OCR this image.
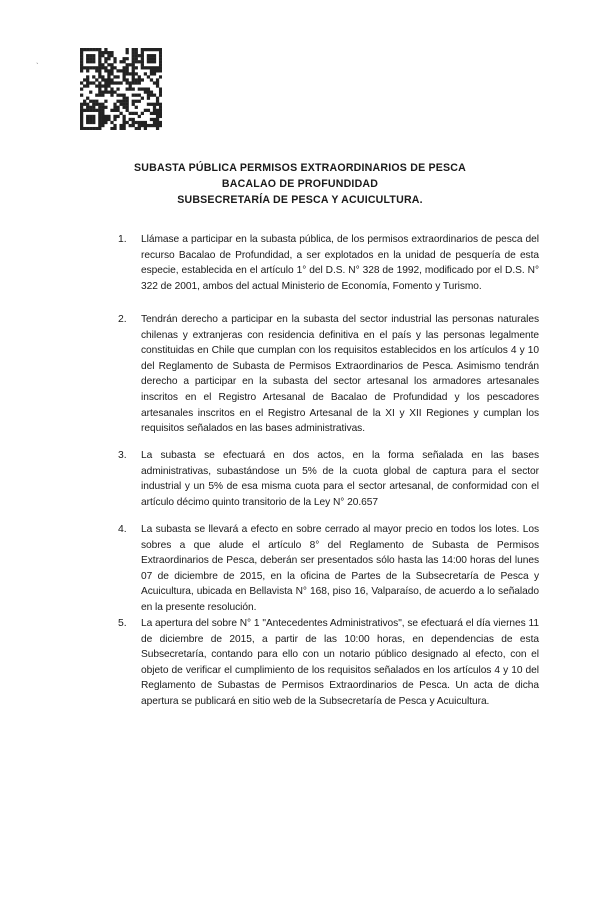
`
SUBASTA PÚBLICA PERMISOS EXTRAORDINARIOS DE PESCA
BACALAO DE PROFUNDIDAD
SUBSECRETARÍA DE PESCA Y ACUICULTURA.
1. Llámase a participar en la subasta pública, de los permisos extraordinarios de pesca del recurso Bacalao de Profundidad, a ser explotados en la unidad de pesquería de esta especie, establecida en el artículo 1° del D.S. N° 328 de 1992, modificado por el D.S. N° 322 de 2001, ambos del actual Ministerio de Economía, Fomento y Turismo.
2. Tendrán derecho a participar en la subasta del sector industrial las personas naturales chilenas y extranjeras con residencia definitiva en el país y las personas legalmente constituidas en Chile que cumplan con los requisitos establecidos en los artículos 4 y 10 del Reglamento de Subasta de Permisos Extraordinarios de Pesca. Asimismo tendrán derecho a participar en la subasta del sector artesanal los armadores artesanales inscritos en el Registro Artesanal de Bacalao de Profundidad y los pescadores artesanales inscritos en el Registro Artesanal de la XI y XII Regiones y cumplan los requisitos señalados en las bases administrativas.
3. La subasta se efectuará en dos actos, en la forma señalada en las bases administrativas, subastándose un 5% de la cuota global de captura para el sector industrial y un 5% de esa misma cuota para el sector artesanal, de conformidad con el artículo décimo quinto transitorio de la Ley N° 20.657
4. La subasta se llevará a efecto en sobre cerrado al mayor precio en todos los lotes. Los sobres a que alude el artículo 8° del Reglamento de Subasta de Permisos Extraordinarios de Pesca, deberán ser presentados sólo hasta las 14:00 horas del lunes 07 de diciembre de 2015, en la oficina de Partes de la Subsecretaría de Pesca y Acuicultura, ubicada en Bellavista N° 168, piso 16, Valparaíso, de acuerdo a lo señalado en la presente resolución.
5. La apertura del sobre N° 1 "Antecedentes Administrativos", se efectuará el día viernes 11 de diciembre de 2015, a partir de las 10:00 horas, en dependencias de esta Subsecretaría, contando para ello con un notario público designado al efecto, con el objeto de verificar el cumplimiento de los requisitos señalados en los artículos 4 y 10 del Reglamento de Subastas de Permisos Extraordinarios de Pesca. Un acta de dicha apertura se publicará en sitio web de la Subsecretaría de Pesca y Acuicultura.
